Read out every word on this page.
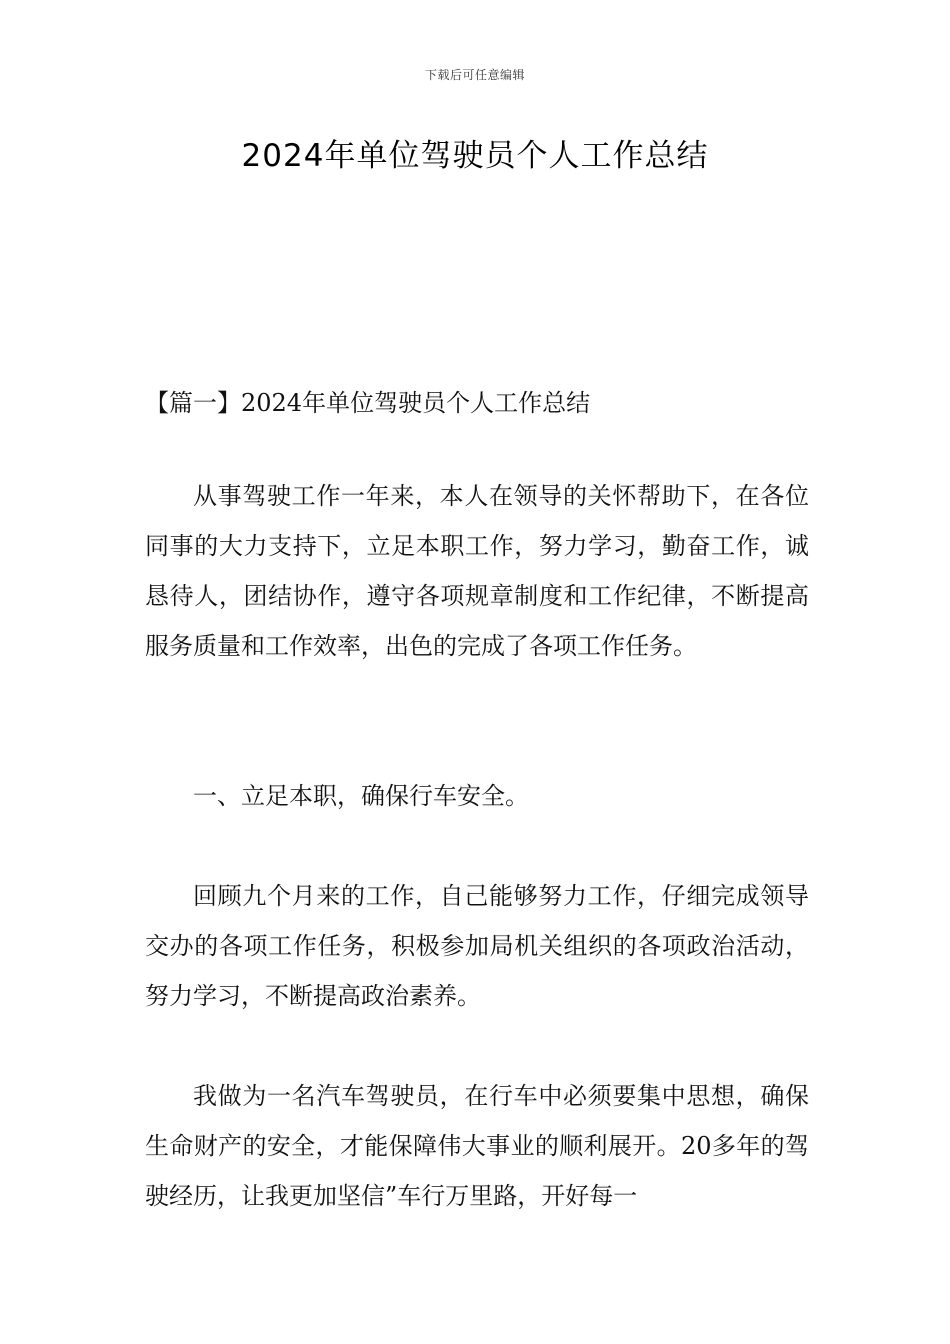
下载后可任意编辑
2024年单位驾驶员个人工作总结

【篇一】2024年单位驾驶员个人工作总结

从事驾驶工作一年来，本人在领导的关怀帮助下，在各位同事的大力支持下，立足本职工作，努力学习，勤奋工作，诚恳待人，团结协作，遵守各项规章制度和工作纪律，不断提高服务质量和工作效率，出色的完成了各项工作任务。

一、立足本职，确保行车安全。

回顾九个月来的工作，自己能够努力工作，仔细完成领导交办的各项工作任务，积极参加局机关组织的各项政治活动，努力学习，不断提高政治素养。

我做为一名汽车驾驶员，在行车中必须要集中思想，确保生命财产的安全，才能保障伟大事业的顺利展开。20多年的驾驶经历，让我更加坚信”车行万里路，开好每一
